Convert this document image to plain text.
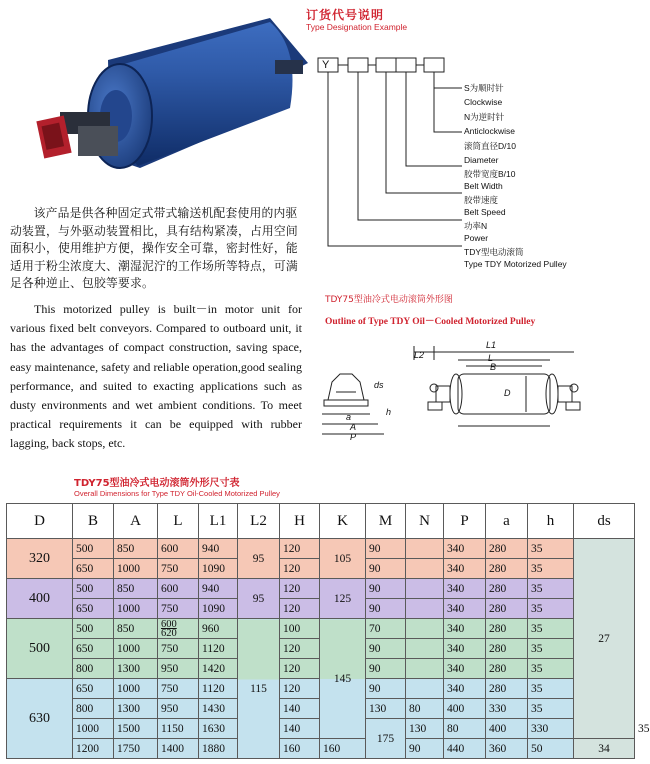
订货代号说明
Type Designation Example
S为顺时针
Clockwise
N为逆时针
Anticlockwise
滚筒直径D/10
Diameter
胶带宽度B/10
Belt Width
胶带速度
Belt Speed
功率N
Power
TDY型电动滚筒
Type TDY Motorized Pulley
Y
该产品是供各种固定式带式输送机配套使用的内驱动装置，与外驱动装置相比，具有结构紧凑，占用空间面积小，使用维护方便，操作安全可靠，密封性好，能适用于粉尘浓度大、潮湿泥泞的工作场所等特点，可满足各种逆止、包胶等要求。
This motorized pulley is built－in motor unit for various fixed belt conveyors. Compared to outboard unit, it has the advantages of compact construction, saving space, easy maintenance, safety and reliable operation,good sealing performance, and suited to exacting applications such as dusty environments and wet ambient conditions. To meet practical requirements it can be equipped with rubber lagging, back stops, etc.
TDY75型油冷式电动滚筒外形图
Outline of Type TDY Oil－Cooled Motorized Pulley
L2
L1
L
B
D
ds
h
a
A
P
TDY75型油冷式电动滚筒外形尺寸表
Overall Dimensions for Type TDY Oil-Cooled Motorized Pulley
D	B	A	L	L1	L2	H	K	M	N	P	a	h	ds	
320	500	850	600	940	95	120	105	90		340	280	35	27	
	650	1000	750	1090		120		90		340	280	35		
400	500	850	600	940	95	120	125	90		340	280	35		
	650	1000	750	1090		120		90		340	280	35		
500	500	850	$\frac{600}{620}$	960	115	100	145	70		340	280	35		
	650	1000	750	1120		120		90		340	280	35		
	800	1300	950	1420		120		90		340	280	35		
630	650	1000	750	1120		120		90		340	280	35		
	800	1300	950	1430		140		130	80	400	330	35		
	1000	1500	1150	1630		140		175	130	80	400	330		35
	1200	1750	1400	1880		160	160		90	440	360	50	34	
